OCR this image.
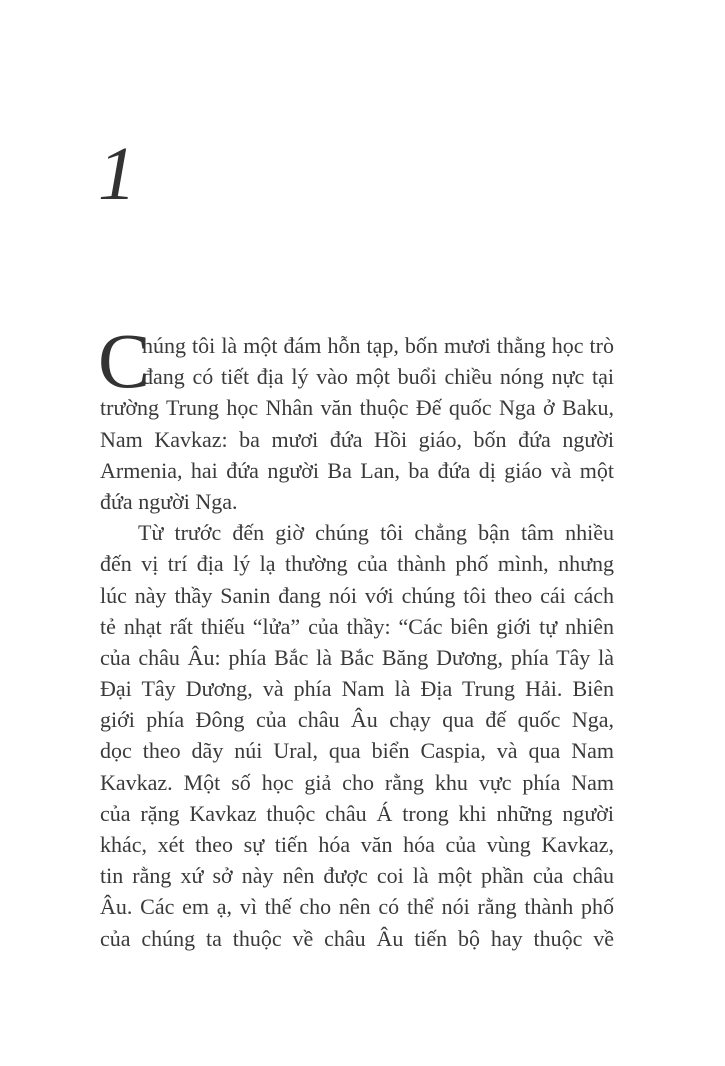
1
C
húng tôi là một đám hỗn tạp, bốn mươi thằng học trò
đang có tiết địa lý vào một buổi chiều nóng nực tại
trường Trung học Nhân văn thuộc Đế quốc Nga ở Baku,
Nam Kavkaz: ba mươi đứa Hồi giáo, bốn đứa người
Armenia, hai đứa người Ba Lan, ba đứa dị giáo và một
đứa người Nga.
Từ trước đến giờ chúng tôi chẳng bận tâm nhiều
đến vị trí địa lý lạ thường của thành phố mình, nhưng
lúc này thầy Sanin đang nói với chúng tôi theo cái cách
tẻ nhạt rất thiếu “lửa” của thầy: “Các biên giới tự nhiên
của châu Âu: phía Bắc là Bắc Băng Dương, phía Tây là
Đại Tây Dương, và phía Nam là Địa Trung Hải. Biên
giới phía Đông của châu Âu chạy qua đế quốc Nga,
dọc theo dãy núi Ural, qua biển Caspia, và qua Nam
Kavkaz. Một số học giả cho rằng khu vực phía Nam
của rặng Kavkaz thuộc châu Á trong khi những người
khác, xét theo sự tiến hóa văn hóa của vùng Kavkaz,
tin rằng xứ sở này nên được coi là một phần của châu
Âu. Các em ạ, vì thế cho nên có thể nói rằng thành phố
của chúng ta thuộc về châu Âu tiến bộ hay thuộc về
